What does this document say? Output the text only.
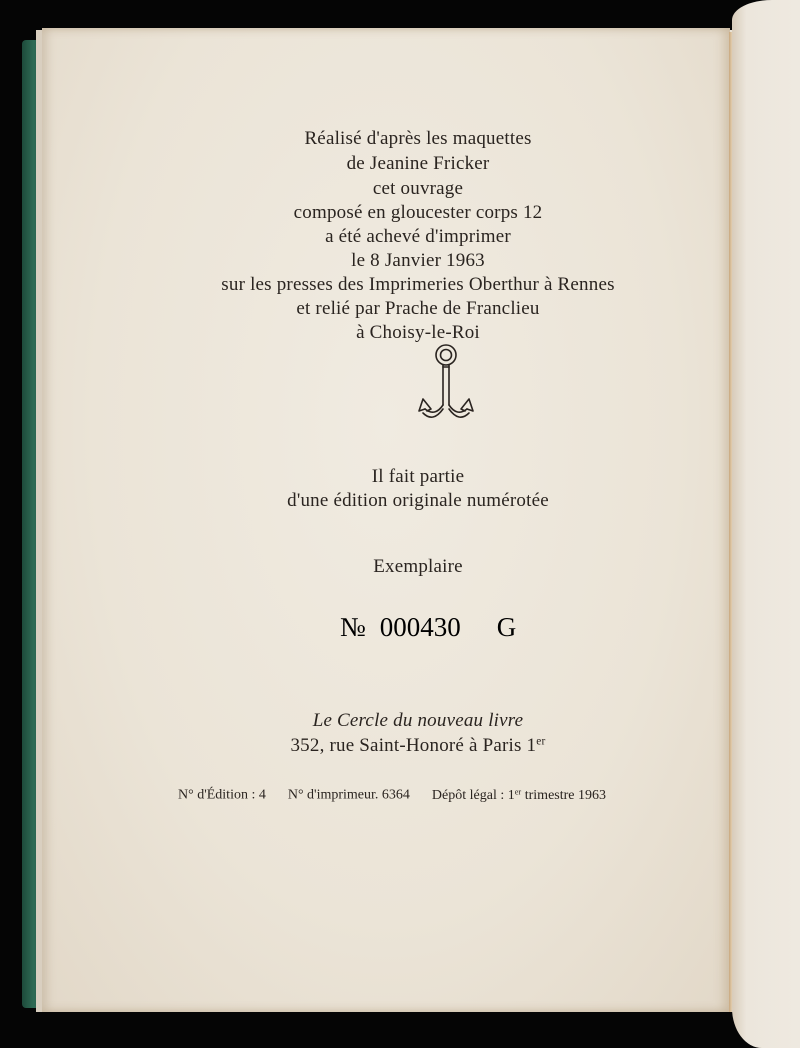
Réalisé d'après les maquettes
de Jeanine Fricker
cet ouvrage
composé en gloucester corps 12
a été achevé d'imprimer
le 8 Janvier 1963
sur les presses des Imprimeries Oberthur à Rennes
et relié par Prache de Franclieu
à Choisy-le-Roi
Il fait partie
d'une édition originale numérotée
Exemplaire
№ 000430 G
Le Cercle du nouveau livre
352, rue Saint-Honoré à Paris 1er
N° d'Édition : 4 N° d'imprimeur. 6364 Dépôt légal : 1er trimestre 1963
